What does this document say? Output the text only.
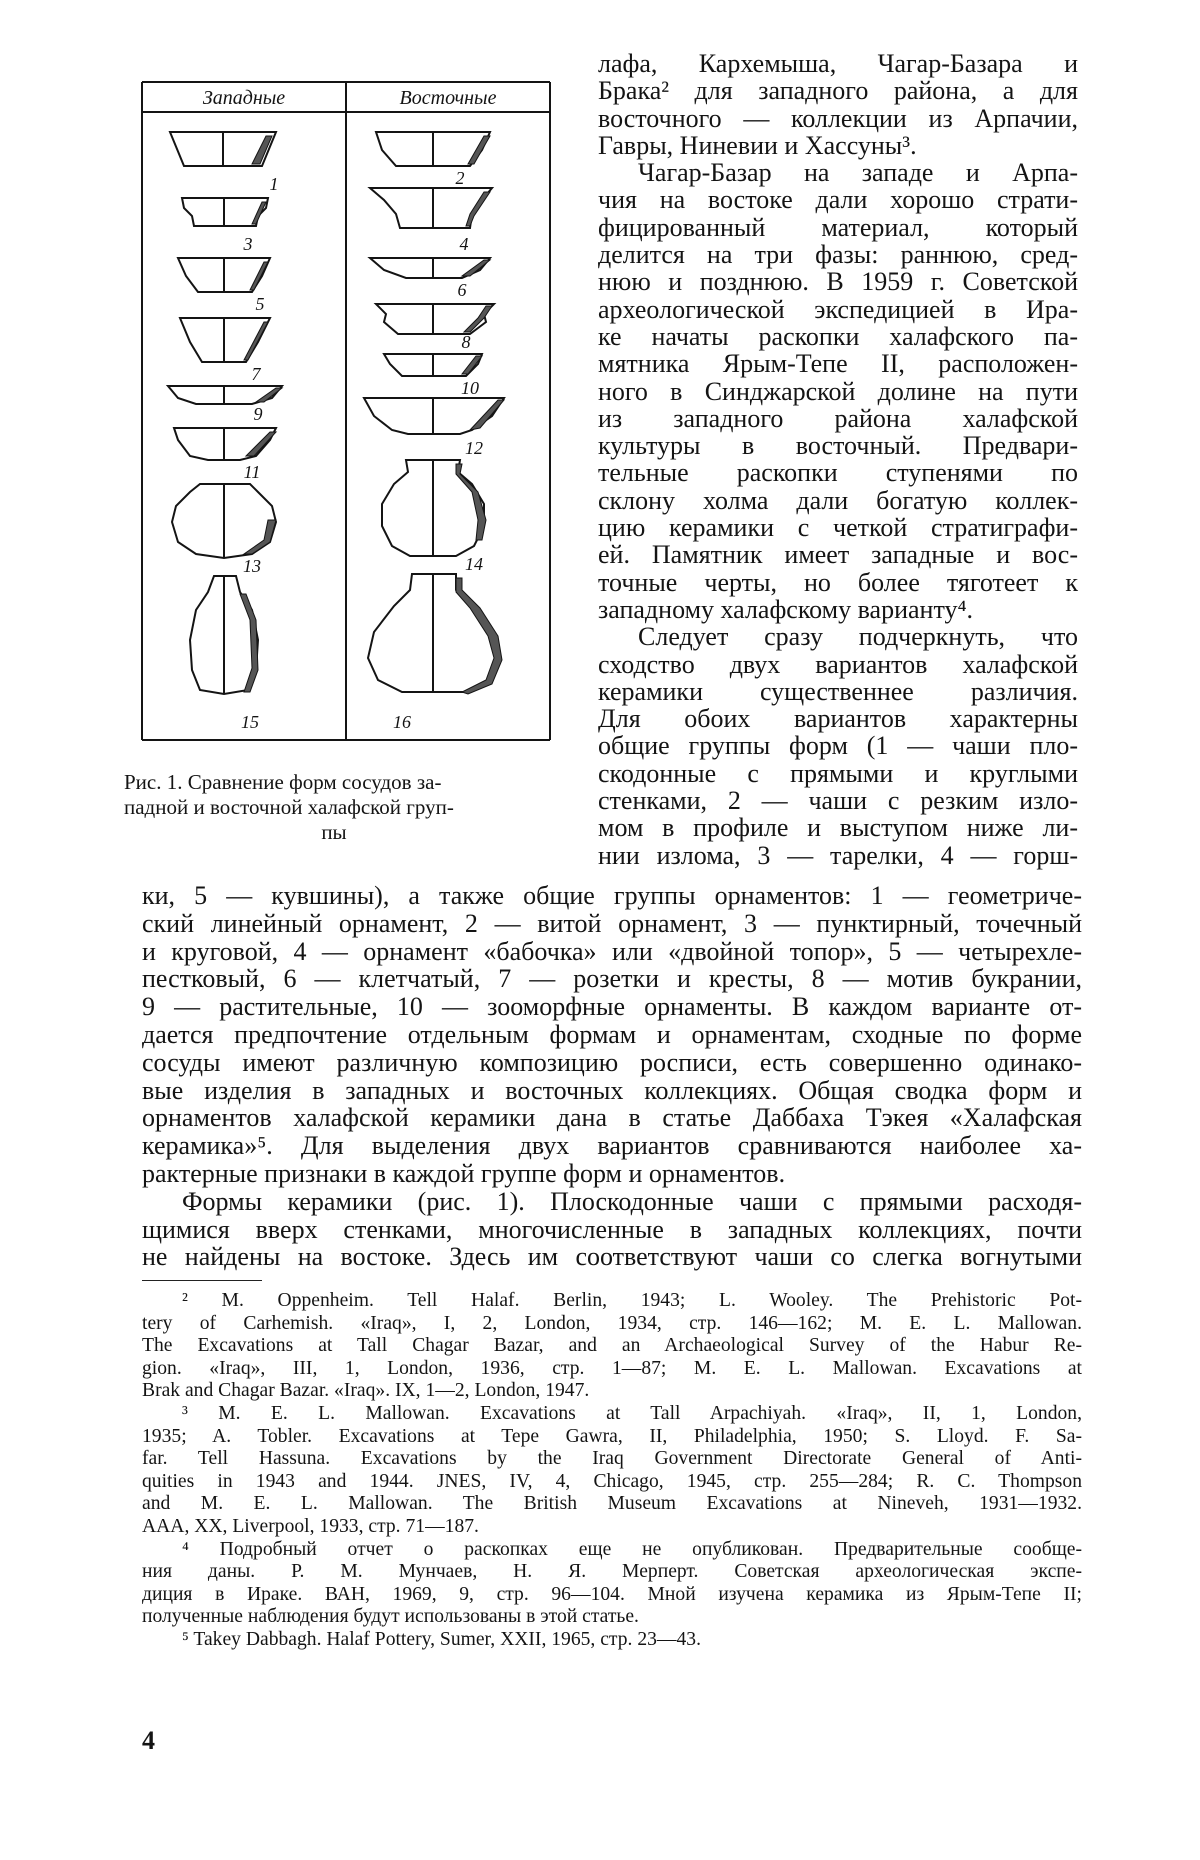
Западные	Восточные
1
3
5
7
9
11
13
15
2
4
6
8
10
12
14
16
Рис. 1. Сравнение форм сосудов за-
падной и восточной халафской груп-
пы
лафа, Кархемыша, Чагар-Базара и
Брака² для западного района, а для
восточного — коллекции из Арпачии,
Гавры, Ниневии и Хассуны³.
Чагар-Базар на западе и Арпа-
чия на востоке дали хорошо страти-
фицированный материал, который
делится на три фазы: раннюю, сред-
нюю и позднюю. В 1959 г. Советской
археологической экспедицией в Ира-
ке начаты раскопки халафского па-
мятника Ярым-Тепе II, расположен-
ного в Синджарской долине на пути
из западного района халафской
культуры в восточный. Предвари-
тельные раскопки ступенями по
склону холма дали богатую коллек-
цию керамики с четкой стратиграфи-
ей. Памятник имеет западные и вос-
точные черты, но более тяготеет к
западному халафскому варианту⁴.
Следует сразу подчеркнуть, что
сходство двух вариантов халафской
керамики существеннее различия.
Для обоих вариантов характерны
общие группы форм (1 — чаши пло-
скодонные с прямыми и круглыми
стенками, 2 — чаши с резким изло-
мом в профиле и выступом ниже ли-
нии излома, 3 — тарелки, 4 — горш-
ки, 5 — кувшины), а также общие группы орнаментов: 1 — геометриче-
ский линейный орнамент, 2 — витой орнамент, 3 — пунктирный, точечный
и круговой, 4 — орнамент «бабочка» или «двойной топор», 5 — четырехле-
пестковый, 6 — клетчатый, 7 — розетки и кресты, 8 — мотив букрании,
9 — растительные, 10 — зооморфные орнаменты. В каждом варианте от-
дается предпочтение отдельным формам и орнаментам, сходные по форме
сосуды имеют различную композицию росписи, есть совершенно одинако-
вые изделия в западных и восточных коллекциях. Общая сводка форм и
орнаментов халафской керамики дана в статье Даббаха Тэкея «Халафская
керамика»⁵. Для выделения двух вариантов сравниваются наиболее ха-
рактерные признаки в каждой группе форм и орнаментов.
Формы керамики (рис. 1). Плоскодонные чаши с прямыми расходя-
щимися вверх стенками, многочисленные в западных коллекциях, почти
не найдены на востоке. Здесь им соответствуют чаши со слегка вогнутыми
² M. Oppenheim. Tell Halaf. Berlin, 1943; L. Wooley. The Prehistoric Pot-
tery of Carhemish. «Iraq», I, 2, London, 1934, стр. 146—162; M. E. L. Mallowan.
The Excavations at Tall Chagar Bazar, and an Archaeological Survey of the Habur Re-
gion. «Iraq», III, 1, London, 1936, стр. 1—87; M. E. L. Mallowan. Excavations at
Brak and Chagar Bazar. «Iraq». IX, 1—2, London, 1947.
³ M. E. L. Mallowan. Excavations at Tall Arpachiyah. «Iraq», II, 1, London,
1935; A. Tobler. Excavations at Tepe Gawra, II, Philadelphia, 1950; S. Lloyd. F. Sa-
far. Tell Hassuna. Excavations by the Iraq Government Directorate General of Anti-
quities in 1943 and 1944. JNES, IV, 4, Chicago, 1945, стр. 255—284; R. C. Thompson
and M. E. L. Mallowan. The British Museum Excavations at Nineveh, 1931—1932.
AAA, XX, Liverpool, 1933, стр. 71—187.
⁴ Подробный отчет о раскопках еще не опубликован. Предварительные сообще-
ния даны. Р. М. Мунчаев, Н. Я. Мерперт. Советская археологическая экспе-
диция в Ираке. ВАН, 1969, 9, стр. 96—104. Мной изучена керамика из Ярым-Тепе II;
полученные наблюдения будут использованы в этой статье.
⁵ Takey Dabbagh. Halaf Pottery, Sumer, XXII, 1965, стр. 23—43.
4
